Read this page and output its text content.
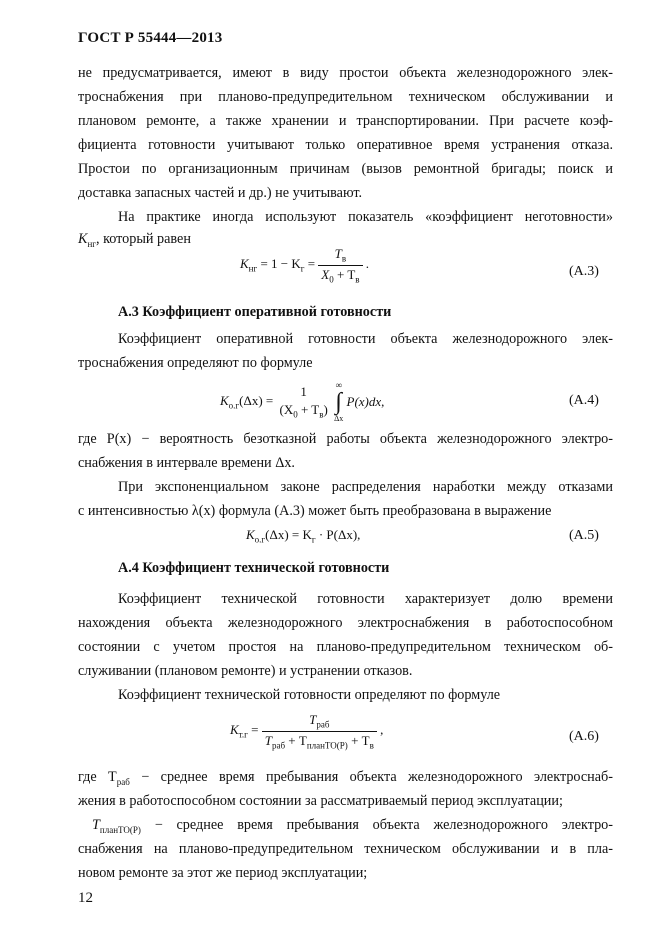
ГОСТ Р 55444—2013
не предусматривается, имеют в виду простои объекта железнодорожного элек-
троснабжения при планово-предупредительном техническом обслуживании и
плановом ремонте, а также хранении и транспортировании. При расчете коэф-
фициента готовности учитывают только оперативное время устранения отказа.
Простои по организационным причинам (вызов ремонтной бригады; поиск и
доставка запасных частей и др.) не учитывают.
На практике иногда используют показатель «коэффициент неготовности»
$K_{нг}$, который равен
$K_{нг} = 1 - K_г = \frac{T_в}{X_0 + T_в}$ .
(А.3)
А.3 Коэффициент оперативной готовности
Коэффициент оперативной готовности объекта железнодорожного элек-
троснабжения определяют по формуле
$K_{о.г}(\Delta x)$ =
1
$(X_0 + T_в)$

∞
∫
Δx
P(x)dx,	(А.4)
где P(x) − вероятность безотказной работы объекта железнодорожного электро-
снабжения в интервале времени Δx.
При экспоненциальном законе распределения наработки между отказами
с интенсивностью λ(x) формула (А.3) может быть преобразована в выражение
$K_{о.г}(\Delta x) = K_г \cdot P(\Delta x)$,	(А.5)
А.4 Коэффициент технической готовности
Коэффициент технической готовности характеризует долю времени
нахождения объекта железнодорожного электроснабжения в работоспособном
состоянии с учетом простоя на планово-предупредительном техническом об-
служивании (плановом ремонте) и устранении отказов.
Коэффициент технической готовности определяют по формуле
$K_{т.г} = \frac{T_{раб}}{T_{раб} + T_{планТО(Р)} + T_в}$ ,	(А.6)
где $T_{раб}$ − среднее время пребывания объекта железнодорожного электроснаб-
жения в работоспособном состоянии за рассматриваемый период эксплуатации;
$T_{планТО(Р)}$ − среднее время пребывания объекта железнодорожного электро-
снабжения на планово-предупредительном техническом обслуживании и в пла-
новом ремонте за этот же период эксплуатации;
12
